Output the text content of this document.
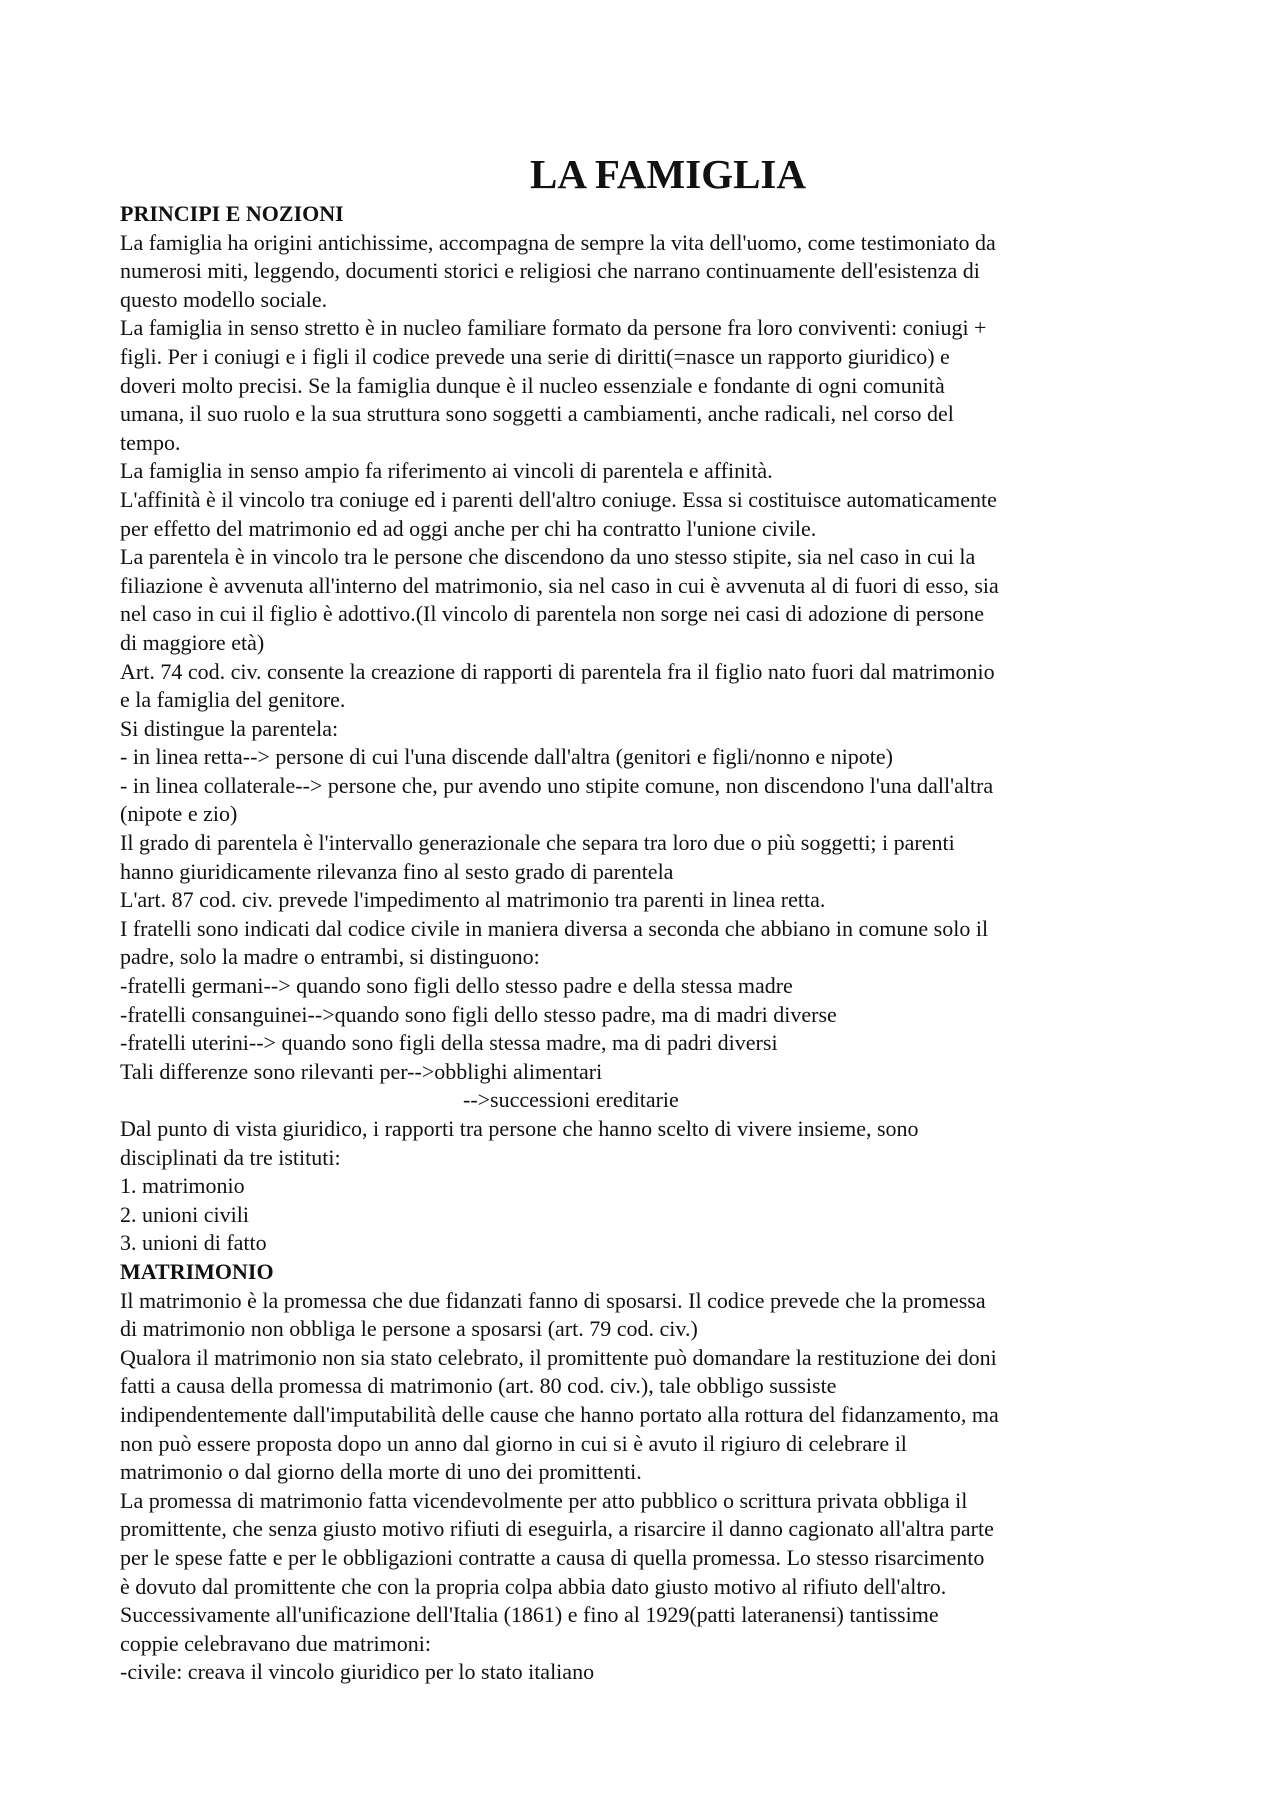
LA FAMIGLIA
PRINCIPI E NOZIONI
La famiglia ha origini antichissime, accompagna de sempre la vita dell'uomo, come testimoniato da
numerosi miti, leggendo, documenti storici e religiosi che narrano continuamente dell'esistenza di
questo modello sociale.
La famiglia in senso stretto è in nucleo familiare formato da persone fra loro conviventi: coniugi +
figli. Per i coniugi e i figli il codice prevede una serie di diritti(=nasce un rapporto giuridico) e
doveri molto precisi. Se la famiglia dunque è il nucleo essenziale e fondante di ogni comunità
umana, il suo ruolo e la sua struttura sono soggetti a cambiamenti, anche radicali, nel corso del
tempo.
La famiglia in senso ampio fa riferimento ai vincoli di parentela e affinità.
L'affinità è il vincolo tra coniuge ed i parenti dell'altro coniuge. Essa si costituisce automaticamente
per effetto del matrimonio ed ad oggi anche per chi ha contratto l'unione civile.
La parentela è in vincolo tra le persone che discendono da uno stesso stipite, sia nel caso in cui la
filiazione è avvenuta all'interno del matrimonio, sia nel caso in cui è avvenuta al di fuori di esso, sia
nel caso in cui il figlio è adottivo.(Il vincolo di parentela non sorge nei casi di adozione di persone
di maggiore età)
Art. 74 cod. civ. consente la creazione di rapporti di parentela fra il figlio nato fuori dal matrimonio
e la famiglia del genitore.
Si distingue la parentela:
- in linea retta--> persone di cui l'una discende dall'altra (genitori e figli/nonno e nipote)
- in linea collaterale--> persone che, pur avendo uno stipite comune, non discendono l'una dall'altra
(nipote e zio)
Il grado di parentela è l'intervallo generazionale che separa tra loro due o più soggetti; i parenti
hanno giuridicamente rilevanza fino al sesto grado di parentela
L'art. 87 cod. civ. prevede l'impedimento al matrimonio tra parenti in linea retta.
I fratelli sono indicati dal codice civile in maniera diversa a seconda che abbiano in comune solo il
padre, solo la madre o entrambi, si distinguono:
-fratelli germani--> quando sono figli dello stesso padre e della stessa madre
-fratelli consanguinei-->quando sono figli dello stesso padre, ma di madri diverse
-fratelli uterini--> quando sono figli della stessa madre, ma di padri diversi
Tali differenze sono rilevanti per-->obblighi alimentari
-->successioni ereditarie
Dal punto di vista giuridico, i rapporti tra persone che hanno scelto di vivere insieme, sono
disciplinati da tre istituti:
1. matrimonio
2. unioni civili
3. unioni di fatto
MATRIMONIO
Il matrimonio è la promessa che due fidanzati fanno di sposarsi. Il codice prevede che la promessa
di matrimonio non obbliga le persone a sposarsi (art. 79 cod. civ.)
Qualora il matrimonio non sia stato celebrato, il promittente può domandare la restituzione dei doni
fatti a causa della promessa di matrimonio (art. 80 cod. civ.), tale obbligo sussiste
indipendentemente dall'imputabilità delle cause che hanno portato alla rottura del fidanzamento, ma
non può essere proposta dopo un anno dal giorno in cui si è avuto il rigiuro di celebrare il
matrimonio o dal giorno della morte di uno dei promittenti.
La promessa di matrimonio fatta vicendevolmente per atto pubblico o scrittura privata obbliga il
promittente, che senza giusto motivo rifiuti di eseguirla, a risarcire il danno cagionato all'altra parte
per le spese fatte e per le obbligazioni contratte a causa di quella promessa. Lo stesso risarcimento
è dovuto dal promittente che con la propria colpa abbia dato giusto motivo al rifiuto dell'altro.
Successivamente all'unificazione dell'Italia (1861) e fino al 1929(patti lateranensi) tantissime
coppie celebravano due matrimoni:
-civile: creava il vincolo giuridico per lo stato italiano
